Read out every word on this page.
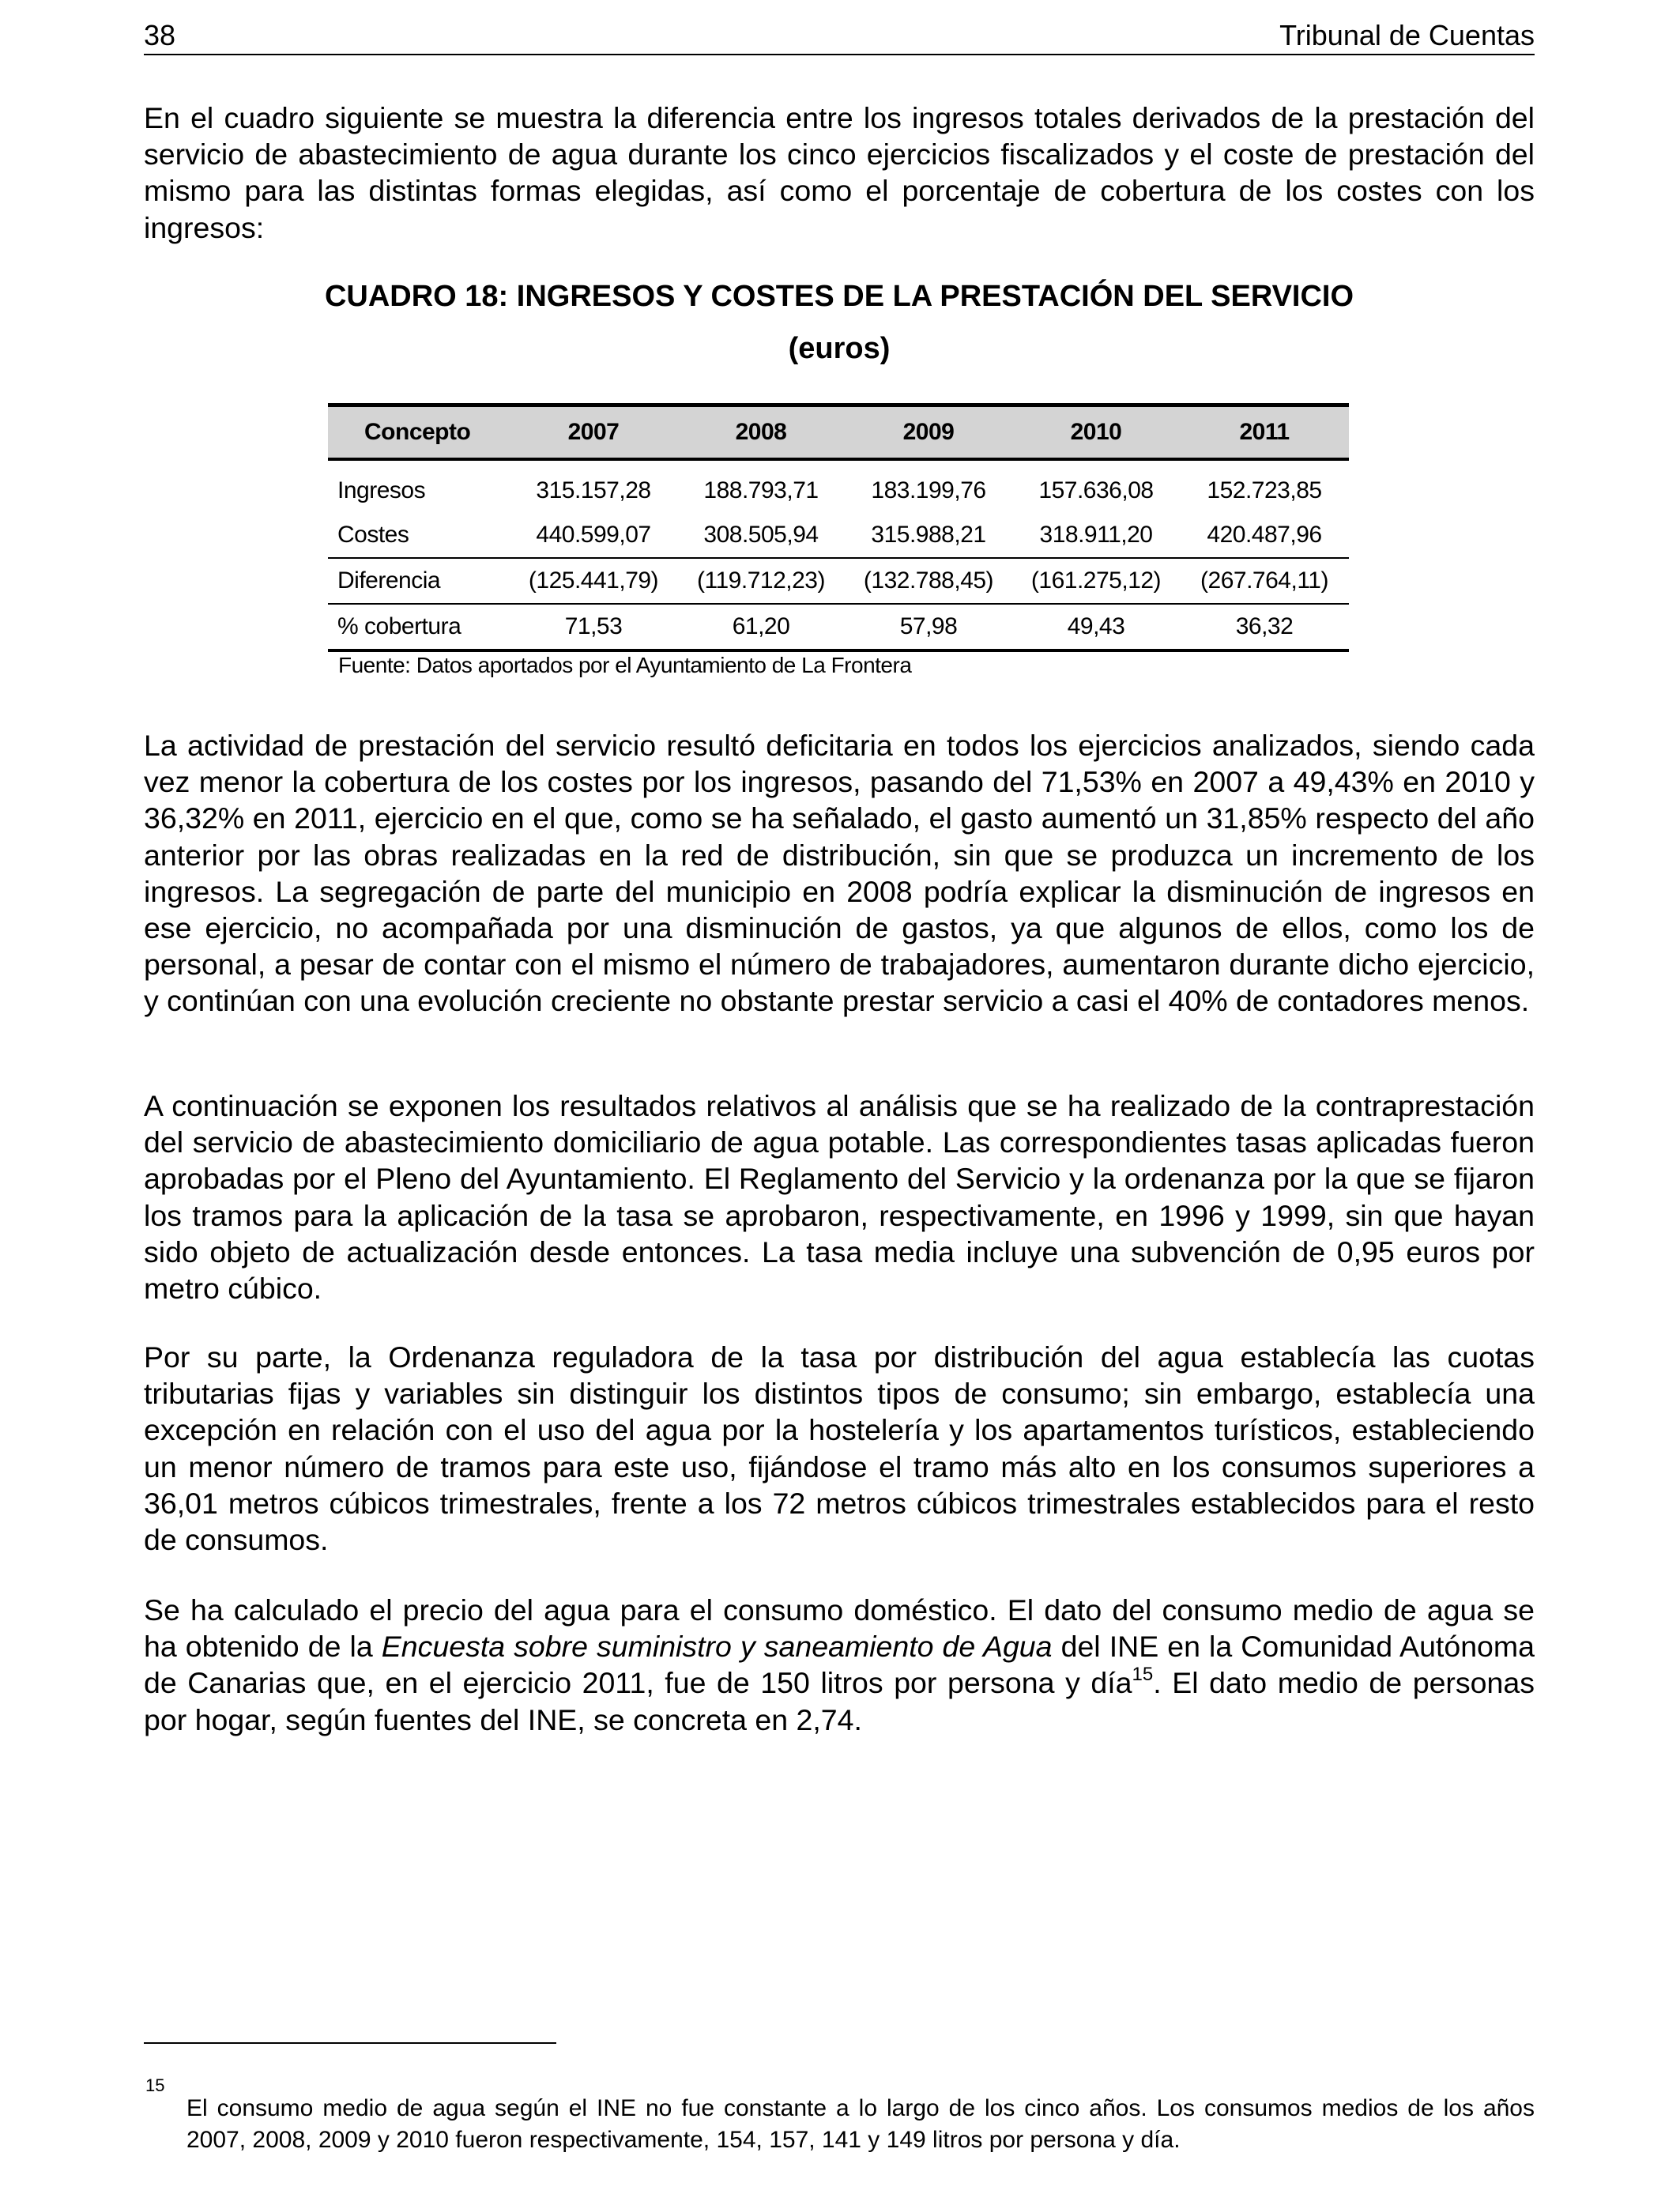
38	Tribunal de Cuentas

En el cuadro siguiente se muestra la diferencia entre los ingresos totales derivados de la prestación del servicio de abastecimiento de agua durante los cinco ejercicios fiscalizados y el coste de prestación del mismo para las distintas formas elegidas, así como el porcentaje de cobertura de los costes con los ingresos:

CUADRO 18: INGRESOS Y COSTES DE LA PRESTACIÓN DEL SERVICIO
(euros)
Concepto	2007	2008	2009	2010	2011
Ingresos	315.157,28	188.793,71	183.199,76	157.636,08	152.723,85
Costes	440.599,07	308.505,94	315.988,21	318.911,20	420.487,96
Diferencia	(125.441,79)	(119.712,23)	(132.788,45)	(161.275,12)	(267.764,11)
% cobertura	71,53	61,20	57,98	49,43	36,32
Fuente: Datos aportados por el Ayuntamiento de La Frontera

La actividad de prestación del servicio resultó deficitaria en todos los ejercicios analizados, siendo cada vez menor la cobertura de los costes por los ingresos, pasando del 71,53% en 2007 a 49,43% en 2010 y 36,32% en 2011, ejercicio en el que, como se ha señalado, el gasto aumentó un 31,85% respecto del año anterior por las obras realizadas en la red de distribución, sin que se produzca un incremento de los ingresos. La segregación de parte del municipio en 2008 podría explicar la disminución de ingresos en ese ejercicio, no acompañada por una disminución de gastos, ya que algunos de ellos, como los de personal, a pesar de contar con el mismo el número de trabajadores, aumentaron durante dicho ejercicio, y continúan con una evolución creciente no obstante prestar servicio a casi el 40% de contadores menos.

A continuación se exponen los resultados relativos al análisis que se ha realizado de la contraprestación del servicio de abastecimiento domiciliario de agua potable. Las correspondientes tasas aplicadas fueron aprobadas por el Pleno del Ayuntamiento. El Reglamento del Servicio y la ordenanza por la que se fijaron los tramos para la aplicación de la tasa se aprobaron, respectivamente, en 1996 y 1999, sin que hayan sido objeto de actualización desde entonces. La tasa media incluye una subvención de 0,95 euros por metro cúbico.

Por su parte, la Ordenanza reguladora de la tasa por distribución del agua establecía las cuotas tributarias fijas y variables sin distinguir los distintos tipos de consumo; sin embargo, establecía una excepción en relación con el uso del agua por la hostelería y los apartamentos turísticos, estableciendo un menor número de tramos para este uso, fijándose el tramo más alto en los consumos superiores a 36,01 metros cúbicos trimestrales, frente a los 72 metros cúbicos trimestrales establecidos para el resto de consumos.

Se ha calculado el precio del agua para el consumo doméstico. El dato del consumo medio de agua se ha obtenido de la Encuesta sobre suministro y saneamiento de Agua del INE en la Comunidad Autónoma de Canarias que, en el ejercicio 2011, fue de 150 litros por persona y día$^{15}$. El dato medio de personas por hogar, según fuentes del INE, se concreta en 2,74.

15

El consumo medio de agua según el INE no fue constante a lo largo de los cinco años. Los consumos medios de los años 2007, 2008, 2009 y 2010 fueron respectivamente, 154, 157, 141 y 149 litros por persona y día.
